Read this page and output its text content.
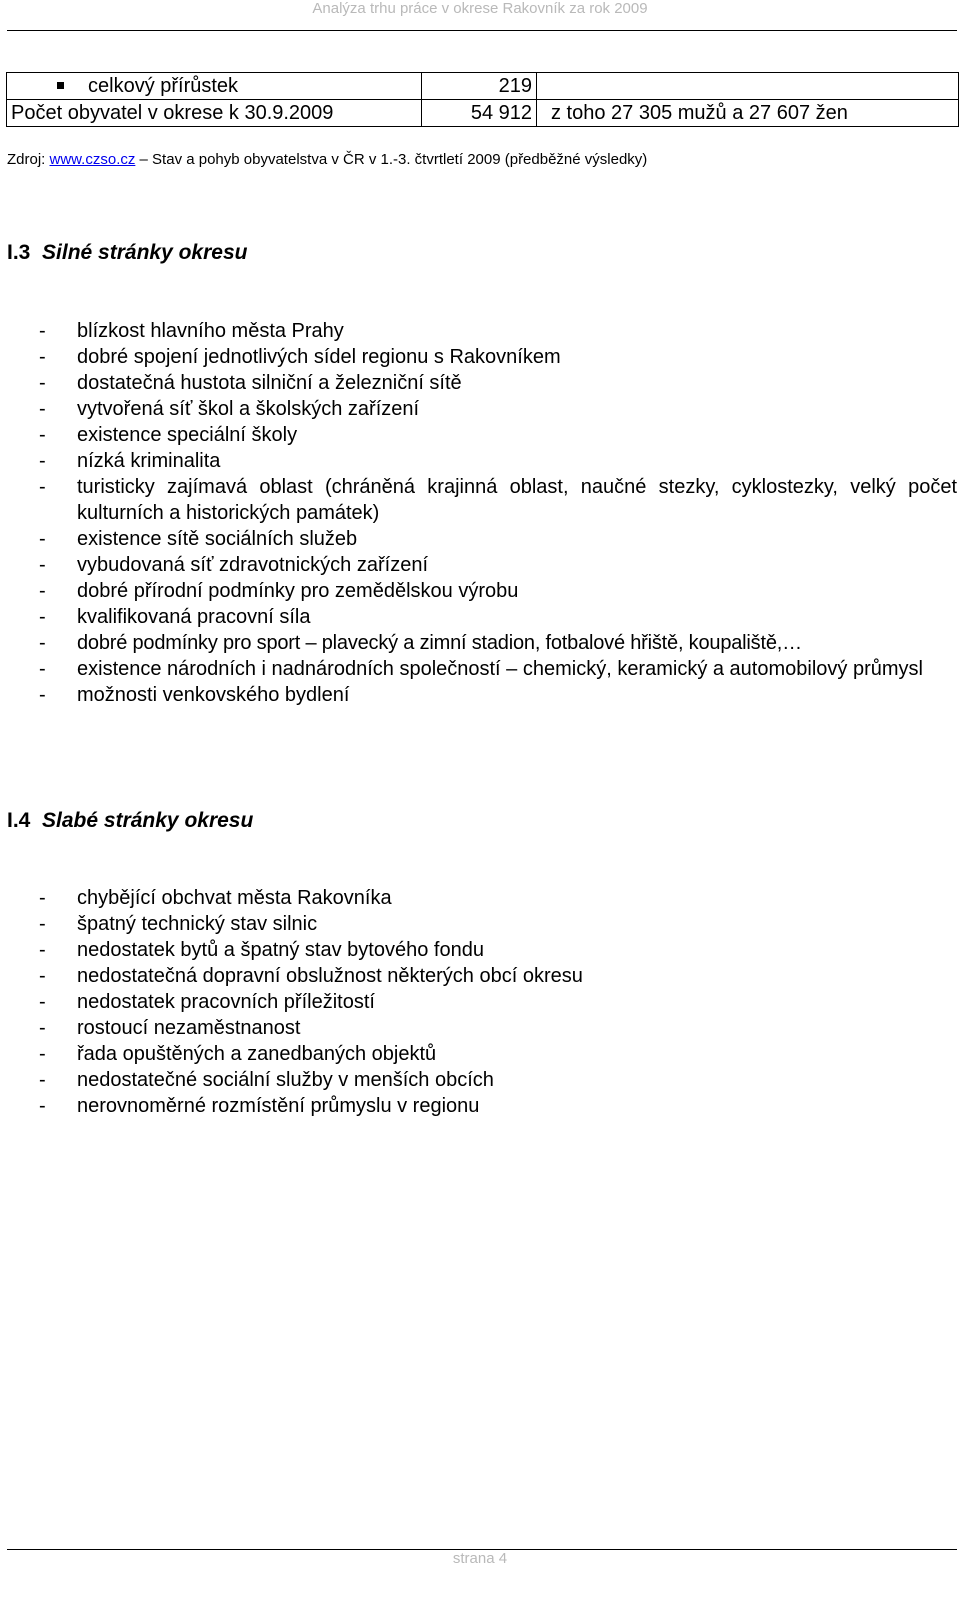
Analýza trhu práce v okrese Rakovník za rok 2009
celkový přírůstek	219	
Počet obyvatel v okrese k 30.9.2009	54 912	z toho 27 305 mužů a 27 607 žen
Zdroj: www.czso.cz – Stav a pohyb obyvatelstva v ČR v 1.-3. čtvrtletí 2009 (předběžné výsledky)
I.3 Silné stránky okresu
- blízkost hlavního města Prahy
- dobré spojení jednotlivých sídel regionu s Rakovníkem
- dostatečná hustota silniční a železniční sítě
- vytvořená síť škol a školských zařízení
- existence speciální školy
- nízká kriminalita
- turisticky zajímavá oblast (chráněná krajinná oblast, naučné stezky, cyklostezky, velký počet kulturních a historických památek)
- existence sítě sociálních služeb
- vybudovaná síť zdravotnických zařízení
- dobré přírodní podmínky pro zemědělskou výrobu
- kvalifikovaná pracovní síla
- dobré podmínky pro sport – plavecký a zimní stadion, fotbalové hřiště, koupaliště,…
- existence národních i nadnárodních společností – chemický, keramický a automobilový průmysl
- možnosti venkovského bydlení
I.4 Slabé stránky okresu
- chybějící obchvat města Rakovníka
- špatný technický stav silnic
- nedostatek bytů a špatný stav bytového fondu
- nedostatečná dopravní obslužnost některých obcí okresu
- nedostatek pracovních příležitostí
- rostoucí nezaměstnanost
- řada opuštěných a zanedbaných objektů
- nedostatečné sociální služby v menších obcích
- nerovnoměrné rozmístění průmyslu v regionu
strana 4
